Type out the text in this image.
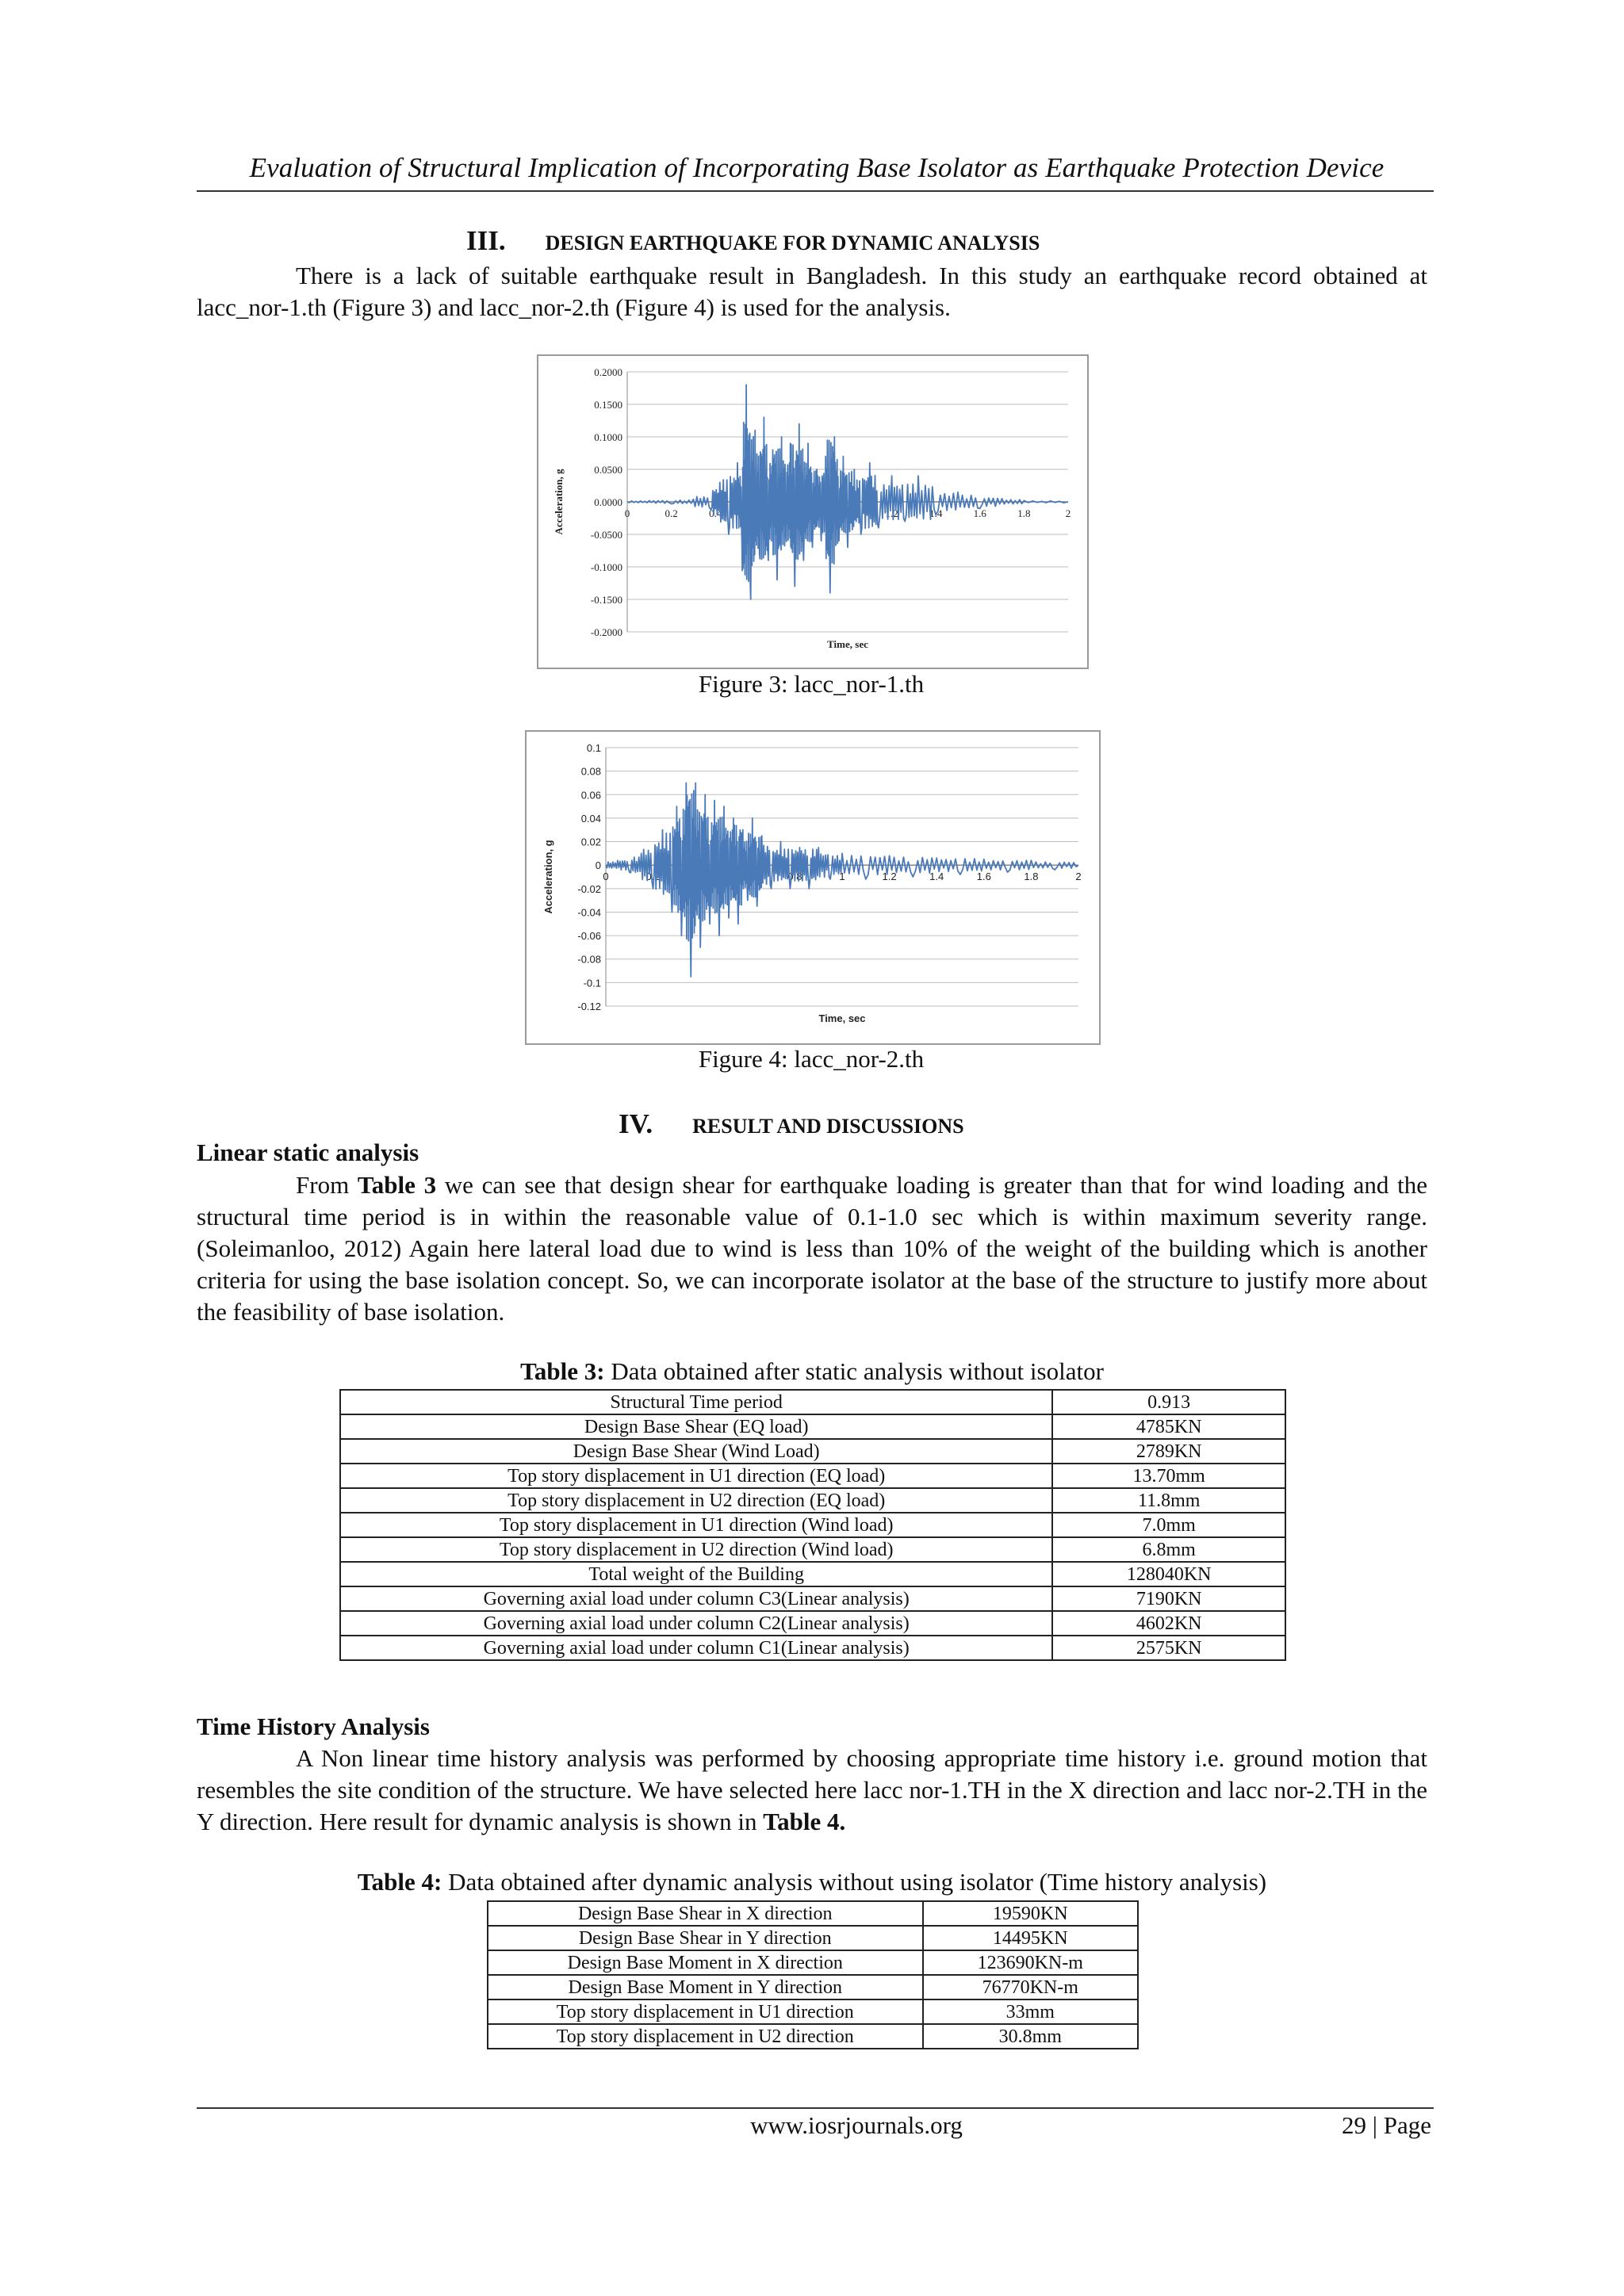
Evaluation of Structural Implication of Incorporating Base Isolator as Earthquake Protection Device
III. DESIGN EARTHQUAKE FOR DYNAMIC ANALYSIS
There is a lack of suitable earthquake result in Bangladesh. In this study an earthquake record obtained at lacc_nor-1.th (Figure 3) and lacc_nor-2.th (Figure 4) is used for the analysis.
0.2000
0.1500
0.1000
0.0500
0.0000
-0.0500
-0.1000
-0.1500
-0.2000
0	0.2	0.4	0.6	0.8	1	1.2	1.4	1.6	1.8	2
Time, sec
Acceleration, g
Figure 3: lacc_nor-1.th
0.1
0.08
0.06
0.04
0.02
0
-0.02
-0.04
-0.06
-0.08
-0.1
-0.12
0	0.2	0.4	0.6	0.8	1	1.2	1.4	1.6	1.8	2
Time, sec
Acceleration, g
Figure 4: lacc_nor-2.th
IV. RESULT AND DISCUSSIONS
Linear static analysis
From Table 3 we can see that design shear for earthquake loading is greater than that for wind loading and the structural time period is in within the reasonable value of 0.1-1.0 sec which is within maximum severity range. (Soleimanloo, 2012) Again here lateral load due to wind is less than 10% of the weight of the building which is another criteria for using the base isolation concept. So, we can incorporate isolator at the base of the structure to justify more about the feasibility of base isolation.
Table 3: Data obtained after static analysis without isolator
Structural Time period	0.913
Design Base Shear (EQ load)	4785KN
Design Base Shear (Wind Load)	2789KN
Top story displacement in U1 direction (EQ load)	13.70mm
Top story displacement in U2 direction (EQ load)	11.8mm
Top story displacement in U1 direction (Wind load)	7.0mm
Top story displacement in U2 direction (Wind load)	6.8mm
Total weight of the Building	128040KN
Governing axial load under column C3(Linear analysis)	7190KN
Governing axial load under column C2(Linear analysis)	4602KN
Governing axial load under column C1(Linear analysis)	2575KN
Time History Analysis
A Non linear time history analysis was performed by choosing appropriate time history i.e. ground motion that resembles the site condition of the structure. We have selected here lacc nor-1.TH in the X direction and lacc nor-2.TH in the Y direction. Here result for dynamic analysis is shown in Table 4.
Table 4: Data obtained after dynamic analysis without using isolator (Time history analysis)
Design Base Shear in X direction	19590KN
Design Base Shear in Y direction	14495KN
Design Base Moment in X direction	123690KN-m
Design Base Moment in Y direction	76770KN-m
Top story displacement in U1 direction	33mm
Top story displacement in U2 direction	30.8mm
www.iosrjournals.org	29 | Page
